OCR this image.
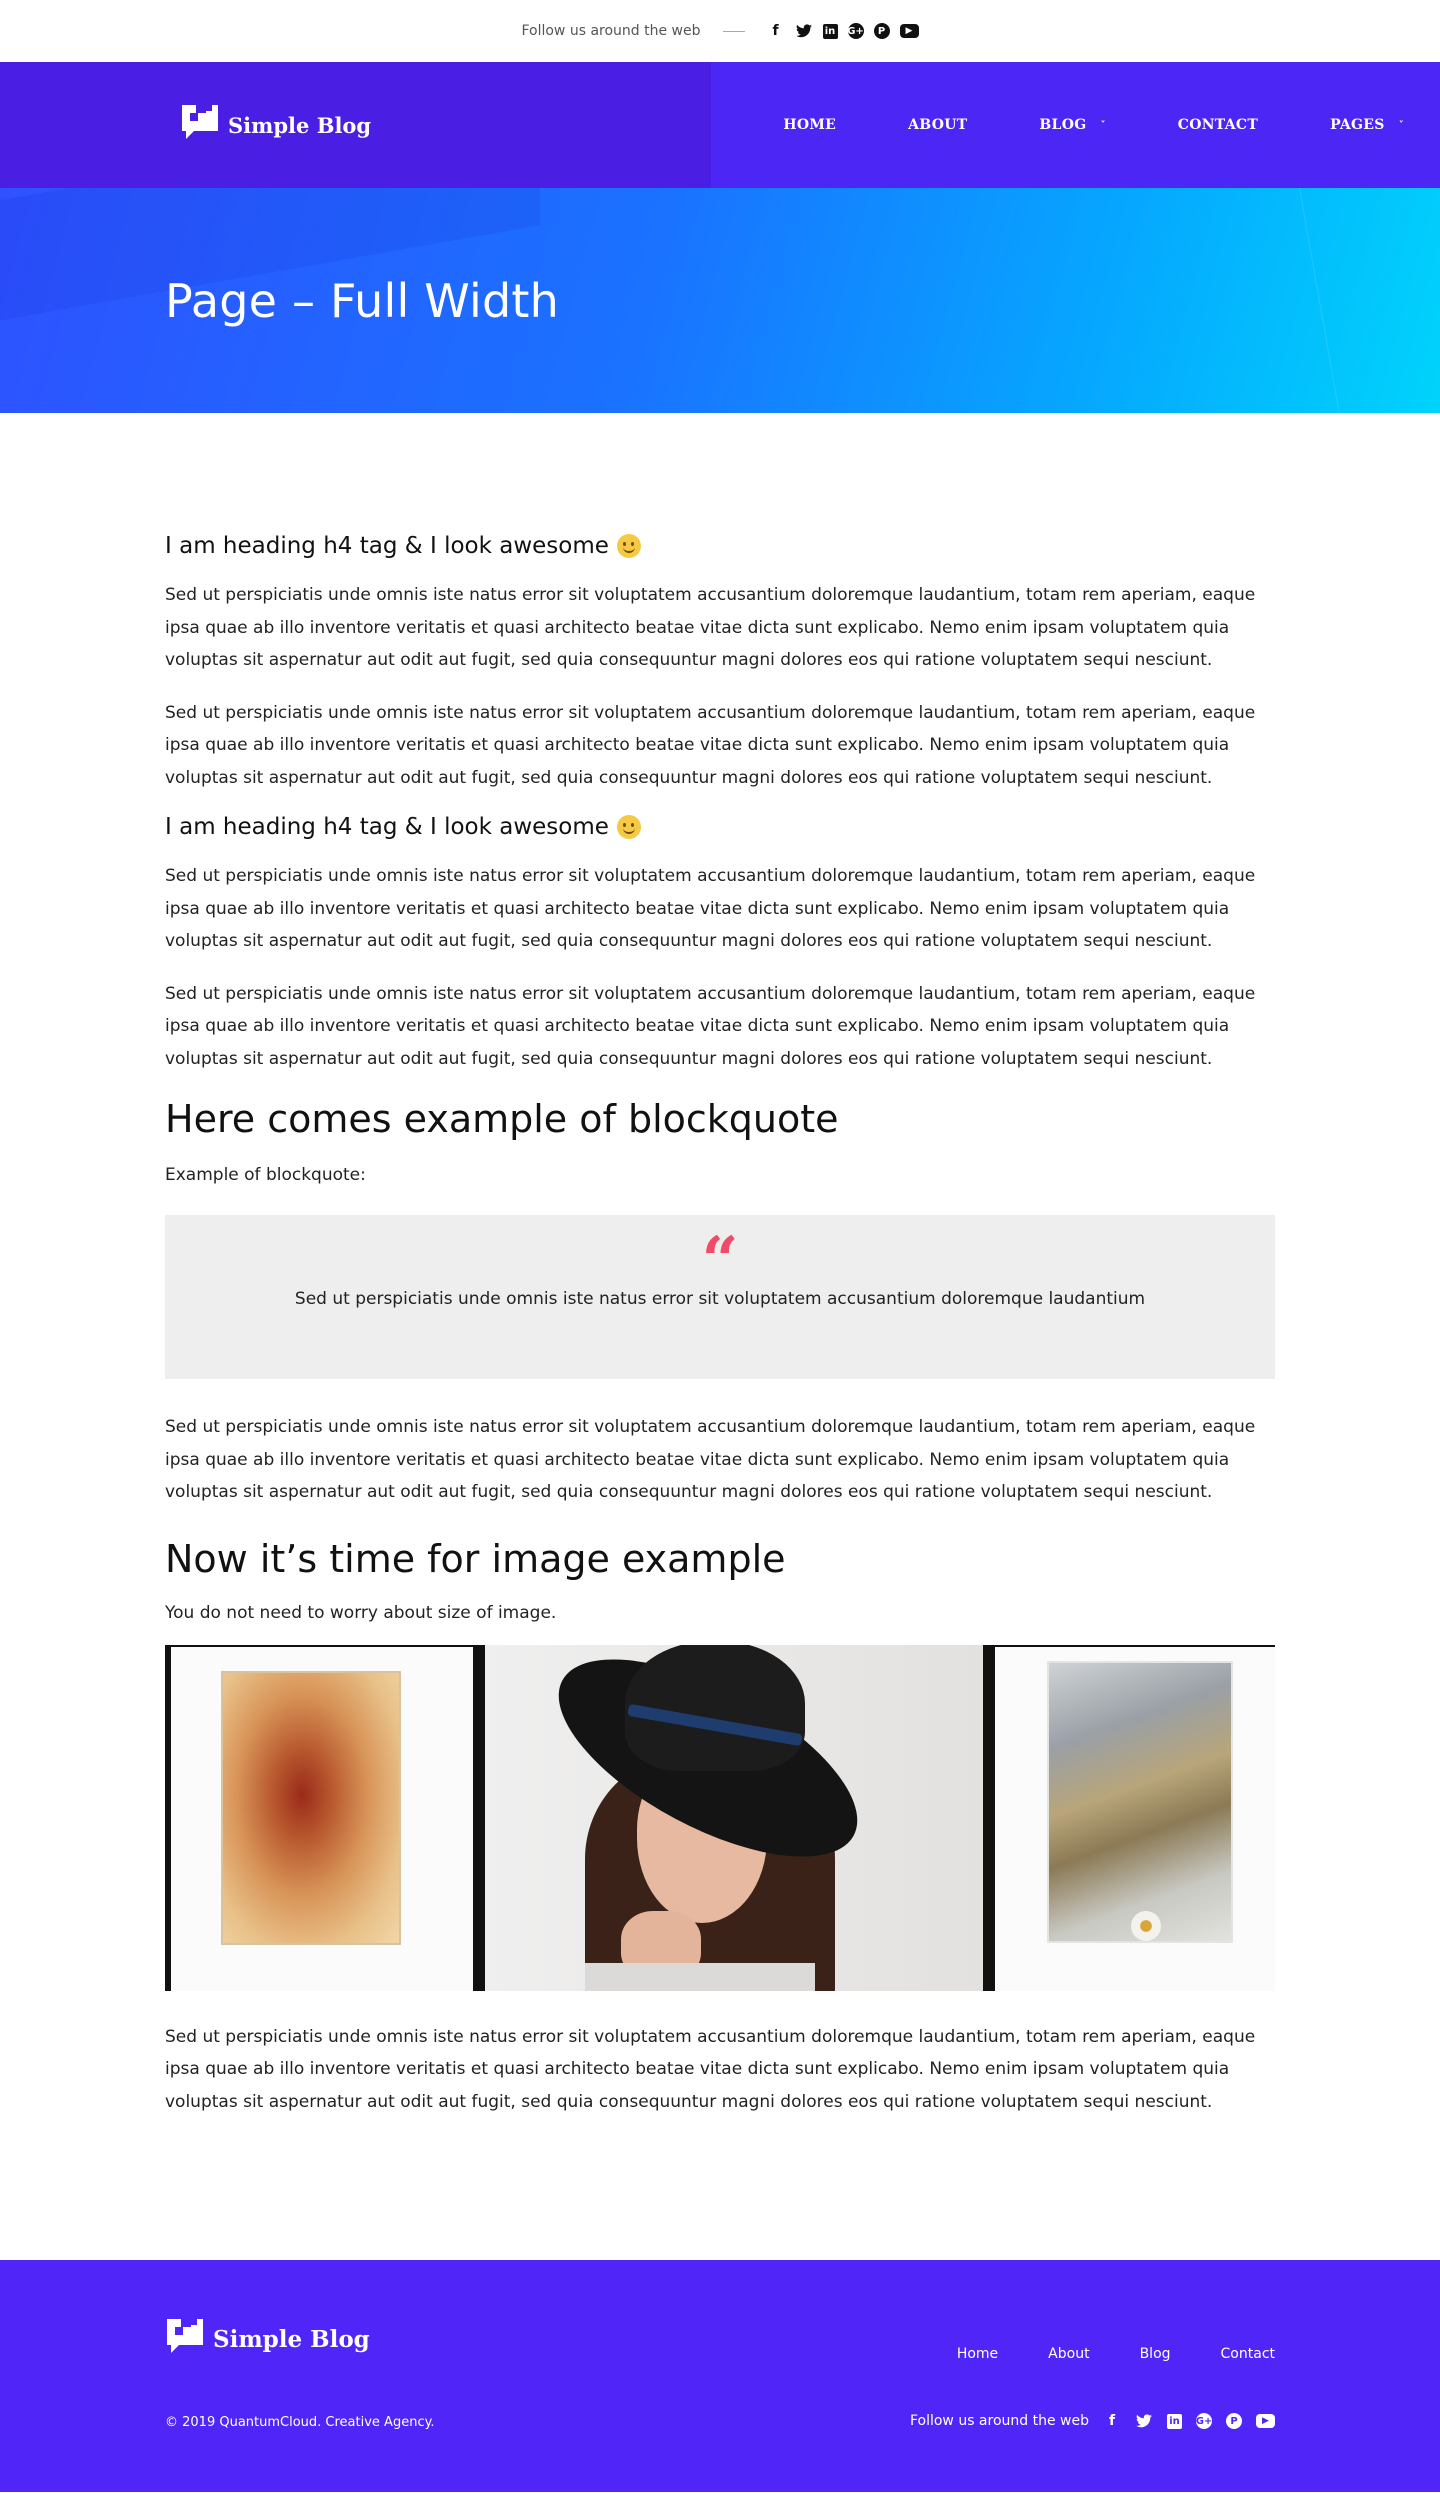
Follow us around the web	f	in G+	P	▶
Simple Blog	HOME	ABOUT	BLOG ˅	CONTACT	PAGES ˅
Page – Full Width
I am heading h4 tag & I look awesome

Sed ut perspiciatis unde omnis iste natus error sit voluptatem accusantium doloremque laudantium, totam rem aperiam, eaque ipsa quae ab illo inventore veritatis et quasi architecto beatae vitae dicta sunt explicabo. Nemo enim ipsam voluptatem quia voluptas sit aspernatur aut odit aut fugit, sed quia consequuntur magni dolores eos qui ratione voluptatem sequi nesciunt.

Sed ut perspiciatis unde omnis iste natus error sit voluptatem accusantium doloremque laudantium, totam rem aperiam, eaque ipsa quae ab illo inventore veritatis et quasi architecto beatae vitae dicta sunt explicabo. Nemo enim ipsam voluptatem quia voluptas sit aspernatur aut odit aut fugit, sed quia consequuntur magni dolores eos qui ratione voluptatem sequi nesciunt.

I am heading h4 tag & I look awesome

Sed ut perspiciatis unde omnis iste natus error sit voluptatem accusantium doloremque laudantium, totam rem aperiam, eaque ipsa quae ab illo inventore veritatis et quasi architecto beatae vitae dicta sunt explicabo. Nemo enim ipsam voluptatem quia voluptas sit aspernatur aut odit aut fugit, sed quia consequuntur magni dolores eos qui ratione voluptatem sequi nesciunt.

Sed ut perspiciatis unde omnis iste natus error sit voluptatem accusantium doloremque laudantium, totam rem aperiam, eaque ipsa quae ab illo inventore veritatis et quasi architecto beatae vitae dicta sunt explicabo. Nemo enim ipsam voluptatem quia voluptas sit aspernatur aut odit aut fugit, sed quia consequuntur magni dolores eos qui ratione voluptatem sequi nesciunt.

Here comes example of blockquote

Example of blockquote:

“

Sed ut perspiciatis unde omnis iste natus error sit voluptatem accusantium doloremque laudantium

Sed ut perspiciatis unde omnis iste natus error sit voluptatem accusantium doloremque laudantium, totam rem aperiam, eaque ipsa quae ab illo inventore veritatis et quasi architecto beatae vitae dicta sunt explicabo. Nemo enim ipsam voluptatem quia voluptas sit aspernatur aut odit aut fugit, sed quia consequuntur magni dolores eos qui ratione voluptatem sequi nesciunt.

Now it’s time for image example

You do not need to worry about size of image.

Sed ut perspiciatis unde omnis iste natus error sit voluptatem accusantium doloremque laudantium, totam rem aperiam, eaque ipsa quae ab illo inventore veritatis et quasi architecto beatae vitae dicta sunt explicabo. Nemo enim ipsam voluptatem quia voluptas sit aspernatur aut odit aut fugit, sed quia consequuntur magni dolores eos qui ratione voluptatem sequi nesciunt.

Simple Blog
Home	About	Blog	Contact
© 2019 QuantumCloud. Creative Agency.	Follow us around the web	f	in G+	P	▶
